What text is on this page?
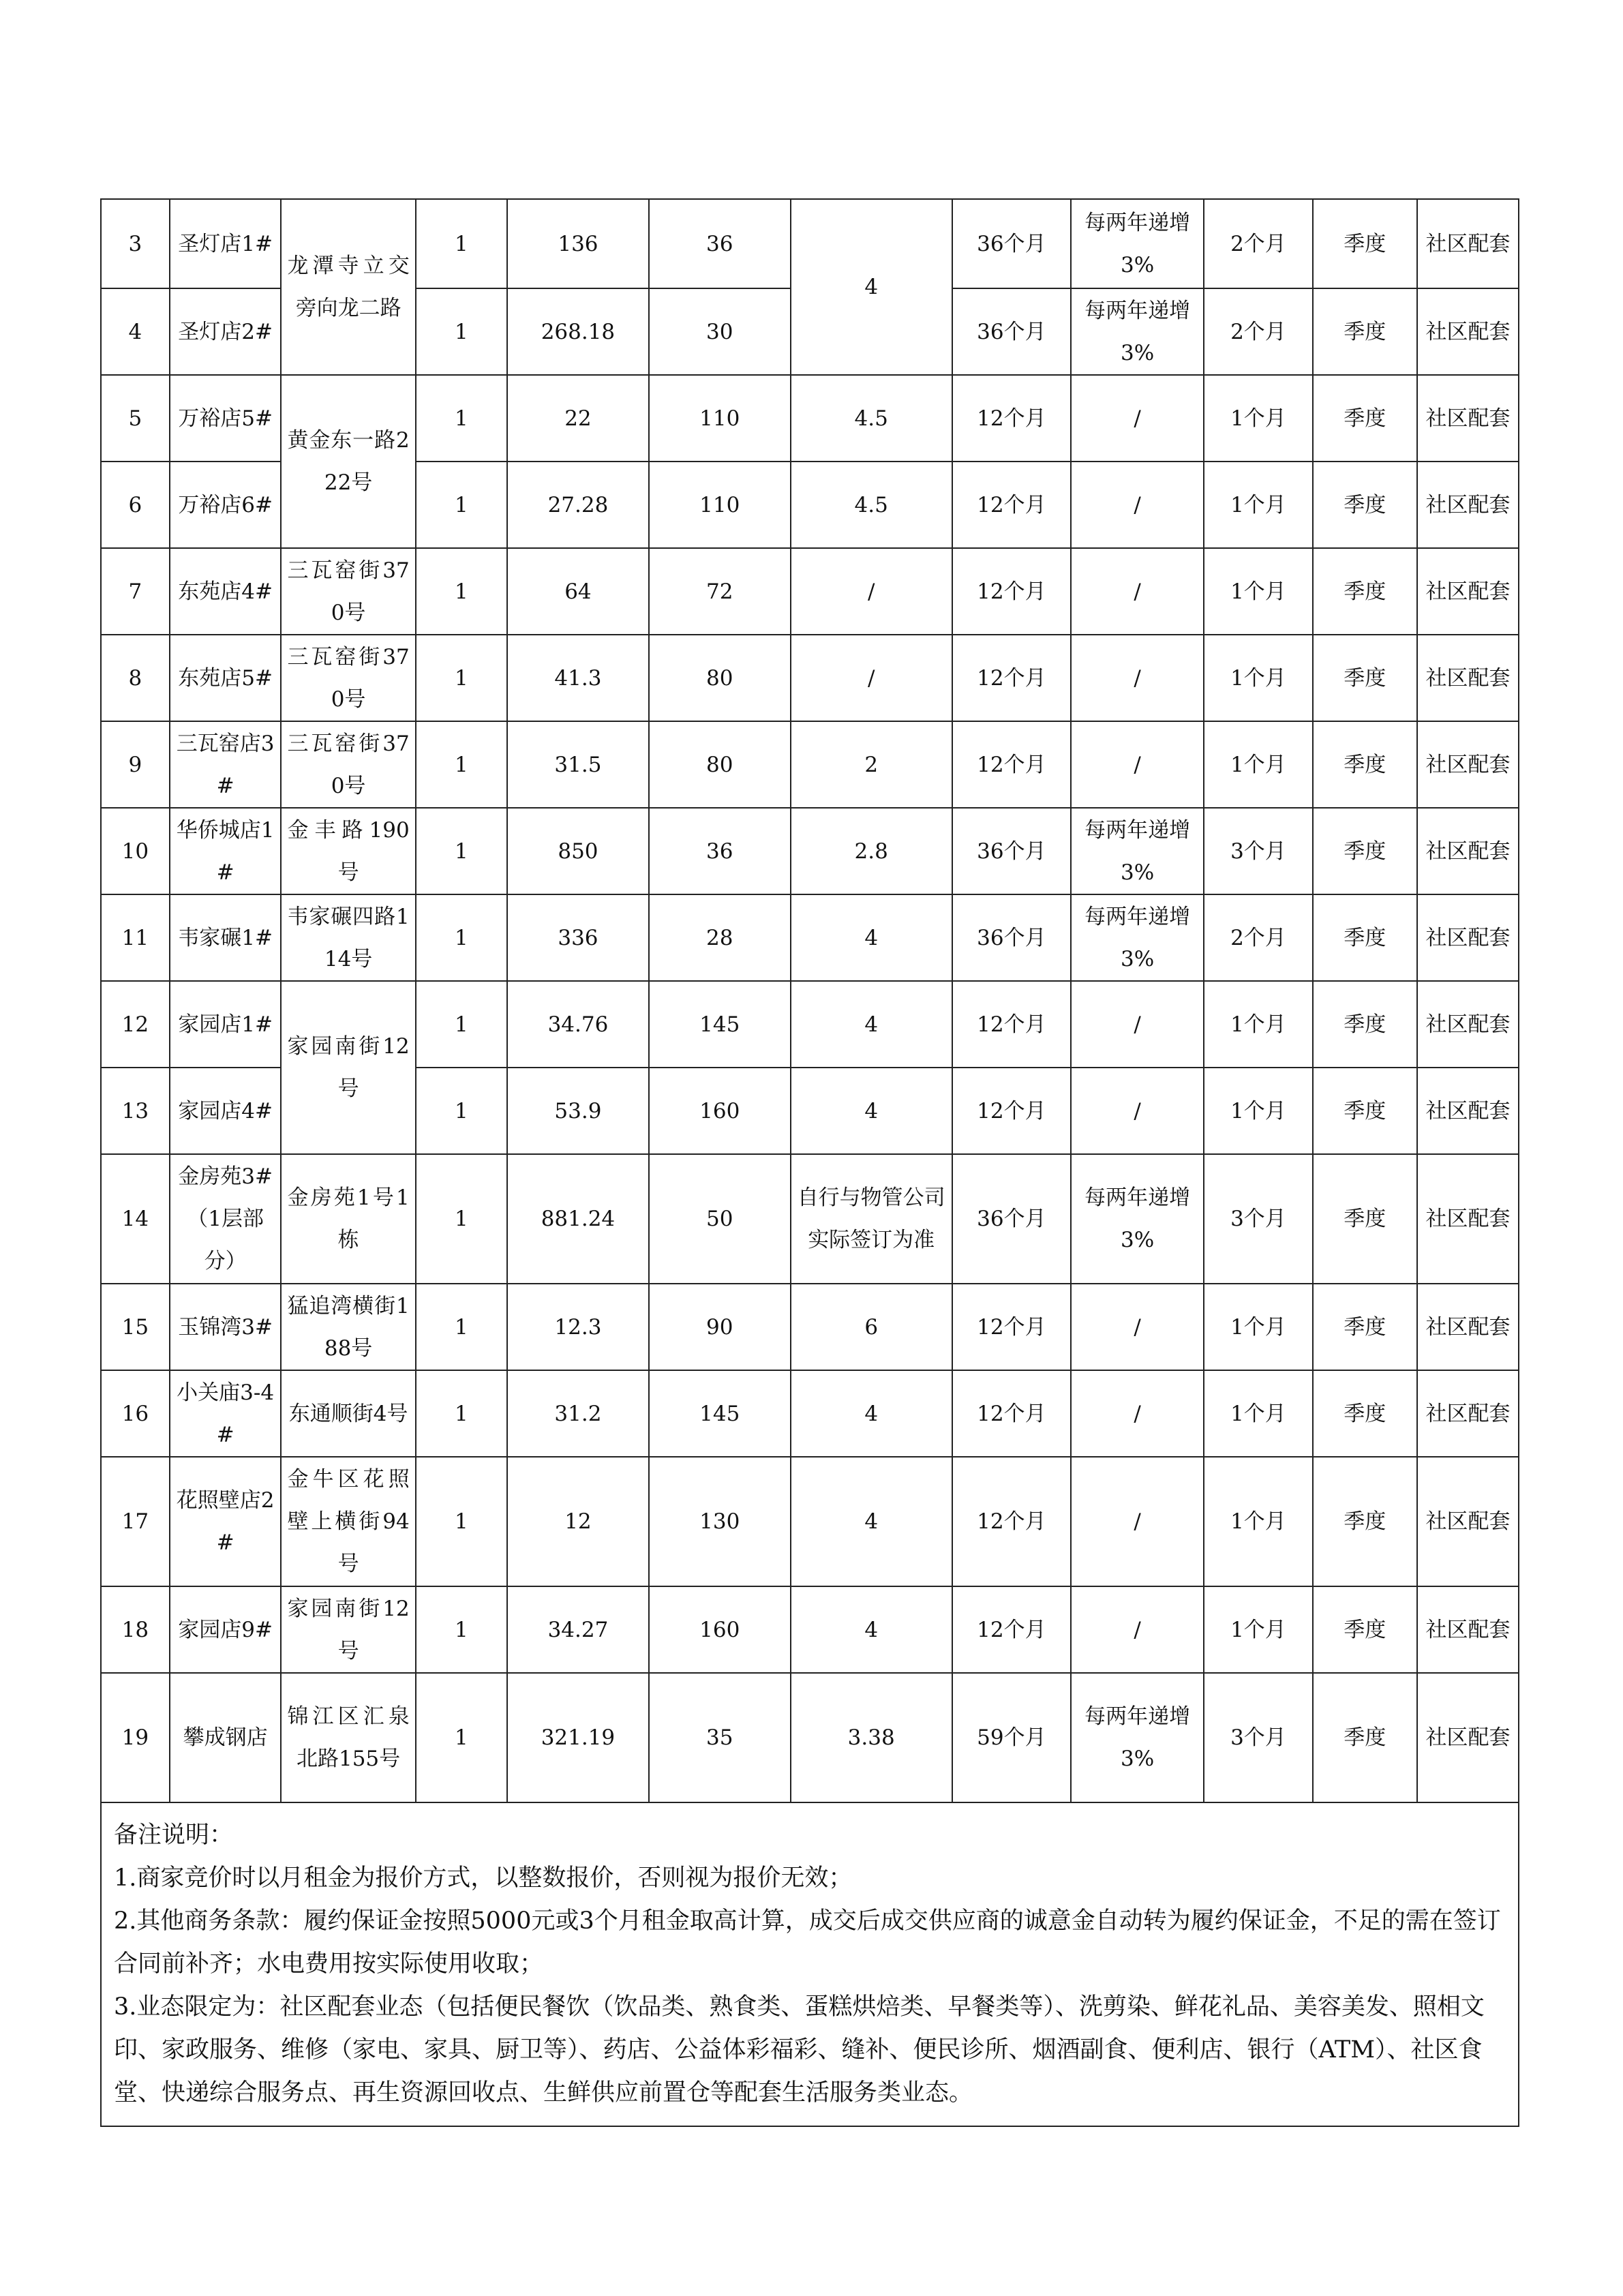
3	圣灯店1#	龙潭寺立交旁向龙二路	1	136	36	4	36个月	每两年递增3%	2个月	季度	社区配套
4	圣灯店2#		1	268.18	30		36个月	每两年递增3%	2个月	季度	社区配套
5	万裕店5#	黄金东一路222号	1	22	110	4.5	12个月	/	1个月	季度	社区配套
6	万裕店6#		1	27.28	110	4.5	12个月	/	1个月	季度	社区配套
7	东苑店4#	三瓦窑街370号	1	64	72	/	12个月	/	1个月	季度	社区配套
8	东苑店5#	三瓦窑街370号	1	41.3	80	/	12个月	/	1个月	季度	社区配套
9	三瓦窑店3#	三瓦窑街370号	1	31.5	80	2	12个月	/	1个月	季度	社区配套
10	华侨城店1#	金丰路190号	1	850	36	2.8	36个月	每两年递增3%	3个月	季度	社区配套
11	韦家碾1#	韦家碾四路114号	1	336	28	4	36个月	每两年递增3%	2个月	季度	社区配套
12	家园店1#	家园南街12号	1	34.76	145	4	12个月	/	1个月	季度	社区配套
13	家园店4#		1	53.9	160	4	12个月	/	1个月	季度	社区配套
14	金房苑3#（1层部分）	金房苑1号1栋	1	881.24	50	自行与物管公司实际签订为准	36个月	每两年递增3%	3个月	季度	社区配套
15	玉锦湾3#	猛追湾横街188号	1	12.3	90	6	12个月	/	1个月	季度	社区配套
16	小关庙3-4#	东通顺街4号	1	31.2	145	4	12个月	/	1个月	季度	社区配套
17	花照壁店2#	金牛区花照壁上横街94号	1	12	130	4	12个月	/	1个月	季度	社区配套
18	家园店9#	家园南街12号	1	34.27	160	4	12个月	/	1个月	季度	社区配套
19	攀成钢店	锦江区汇泉北路155号	1	321.19	35	3.38	59个月	每两年递增3%	3个月	季度	社区配套

备注说明：

1.商家竞价时以月租金为报价方式，以整数报价，否则视为报价无效；

2.其他商务条款：履约保证金按照5000元或3个月租金取高计算，成交后成交供应商的诚意金自动转为履约保证金，不足的需在签订合同前补齐；水电费用按实际使用收取；

3.业态限定为：社区配套业态（包括便民餐饮（饮品类、熟食类、蛋糕烘焙类、早餐类等）、洗剪染、鲜花礼品、美容美发、照相文印、家政服务、维修（家电、家具、厨卫等）、药店、公益体彩福彩、缝补、便民诊所、烟酒副食、便利店、银行（ATM）、社区食堂、快递综合服务点、再生资源回收点、生鲜供应前置仓等配套生活服务类业态。											
